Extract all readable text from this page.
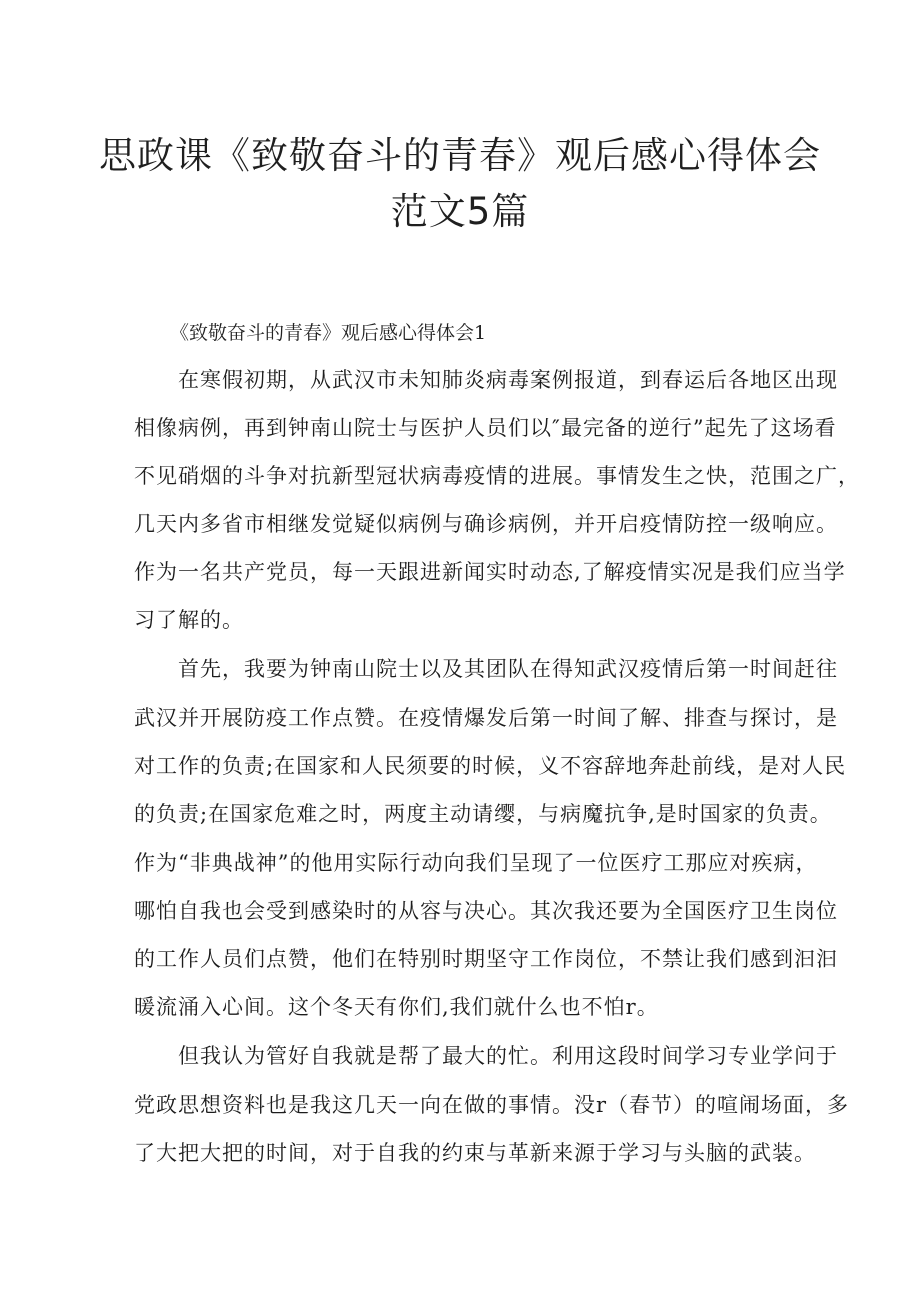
思政课《致敬奋斗的青春》观后感心得体会
范文5篇
《致敬奋斗的青春》观后感心得体会1
在寒假初期，从武汉市未知肺炎病毒案例报道，到春运后各地区出现
相像病例，再到钟南山院士与医护人员们以″最完备的逆行”起先了这场看
不见硝烟的斗争对抗新型冠状病毒疫情的进展。事情发生之快，范围之广，
几天内多省市相继发觉疑似病例与确诊病例，并开启疫情防控一级响应。
作为一名共产党员，每一天跟进新闻实时动态,了解疫情实况是我们应当学
习了解的。
首先，我要为钟南山院士以及其团队在得知武汉疫情后第一时间赶往
武汉并开展防疫工作点赞。在疫情爆发后第一时间了解、排查与探讨，是
对工作的负责;在国家和人民须要的时候，义不容辞地奔赴前线，是对人民
的负责;在国家危难之时，两度主动请缨，与病魔抗争,是时国家的负责。
作为“非典战神”的他用实际行动向我们呈现了一位医疗工那应对疾病，
哪怕自我也会受到感染时的从容与决心。其次我还要为全国医疗卫生岗位
的工作人员们点赞，他们在特别时期坚守工作岗位，不禁让我们感到汩汩
暖流涌入心间。这个冬天有你们,我们就什么也不怕r。
但我认为管好自我就是帮了最大的忙。利用这段时间学习专业学问于
党政思想资料也是我这几天一向在做的事情。没r（春节）的喧闹场面，多
了大把大把的时间，对于自我的约束与革新来源于学习与头脑的武装。
